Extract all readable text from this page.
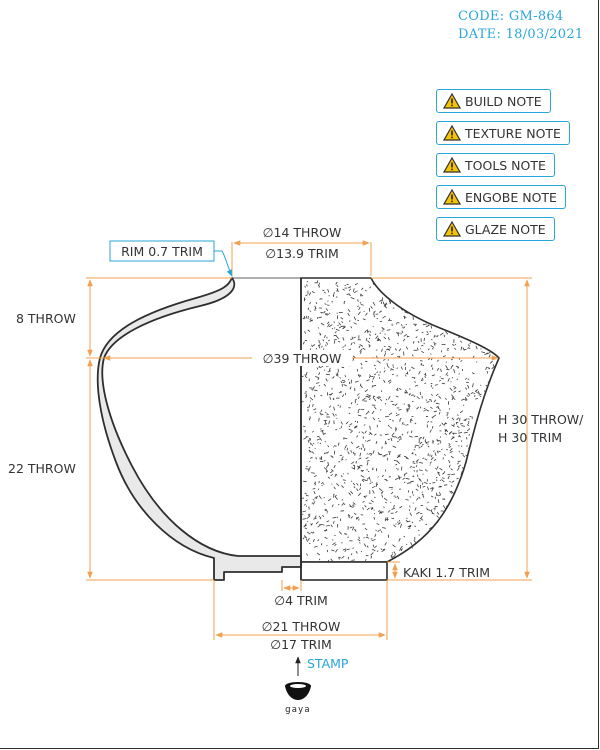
CODE: GM-864
DATE: 18/03/2021
BUILD NOTE
TEXTURE NOTE
TOOLS NOTE
ENGOBE NOTE
GLAZE NOTE
∅14 THROW
∅13.9 TRIM
8 THROW
∅39 THROW
22 THROW
H 30 THROW/
H 30 TRIM
KAKI 1.7 TRIM
∅4 TRIM
∅21 THROW
∅17 TRIM
RIM 0.7 TRIM
STAMP
gaya
